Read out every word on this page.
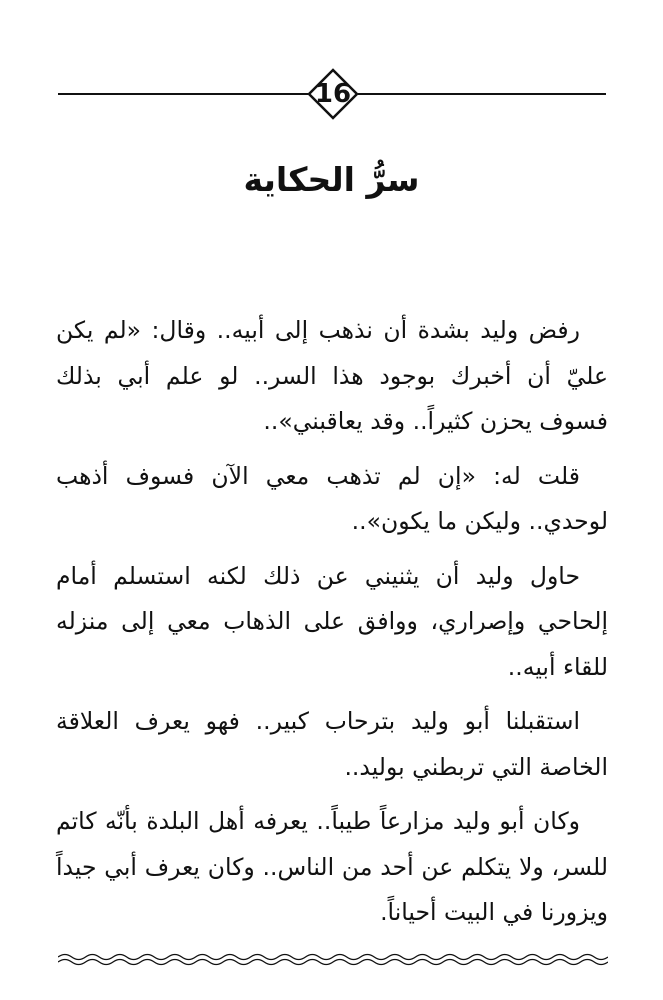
16
سرُّ الحكاية

رفض وليد بشدة أن نذهب إلى أبيه.. وقال: «لم يكن عليّ أن أخبرك بوجود هذا السر.. لو علم أبي بذلك فسوف يحزن كثيراً.. وقد يعاقبني»..

قلت له: «إن لم تذهب معي الآن فسوف أذهب لوحدي.. وليكن ما يكون»..

حاول وليد أن يثنيني عن ذلك لكنه استسلم أمام إلحاحي وإصراري، ووافق على الذهاب معي إلى منزله للقاء أبيه..

استقبلنا أبو وليد بترحاب كبير.. فهو يعرف العلاقة الخاصة التي تربطني بوليد..

وكان أبو وليد مزارعاً طيباً.. يعرفه أهل البلدة بأنّه كاتم للسر، ولا يتكلم عن أحد من الناس.. وكان يعرف أبي جيداً ويزورنا في البيت أحياناً.
